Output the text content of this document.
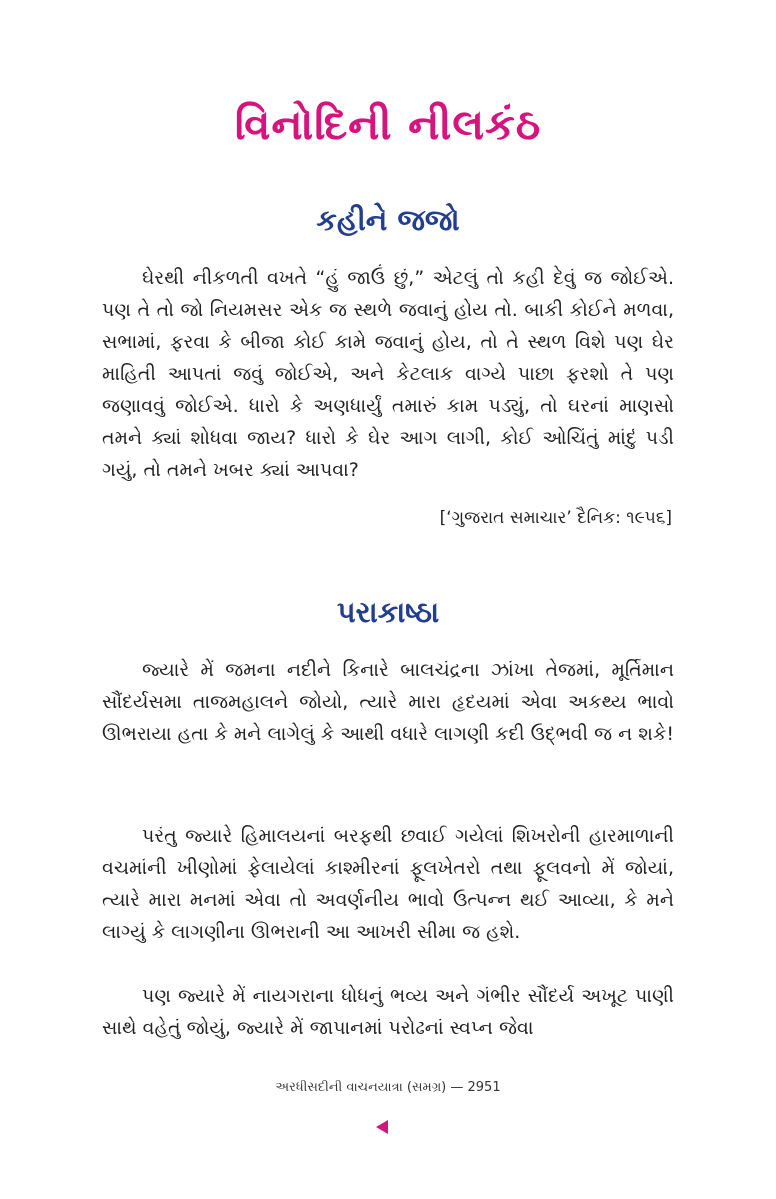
વિનોદિની નીલકંઠ
કહીને જજો

ઘેરથી નીકળતી વખતે “હું જાઉં છું,” એટલું તો કહી દેવું જ જોઈએ. પણ તે તો જો નિયમસર એક જ સ્થળે જવાનું હોય તો. બાકી કોઈને મળવા, સભામાં, ફરવા કે બીજા કોઈ કામે જવાનું હોય, તો તે સ્થળ વિશે પણ ઘેર માહિતી આપતાં જવું જોઈએ, અને કેટલાક વાગ્યે પાછા ફરશો તે પણ જણાવવું જોઈએ. ધારો કે અણધાર્યું તમારું કામ પડ્યું, તો ઘરનાં માણસો તમને ક્યાં શોધવા જાય? ધારો કે ઘેર આગ લાગી, કોઈ ઓચિંતું માંદું પડી ગયું, તો તમને ખબર ક્યાં આપવા?

[‘ગુજરાત સમાચાર’ દૈનિક: ૧૯૫૬]
પરાકાષ્ઠા

જ્યારે મેં જમના નદીને કિનારે બાલચંદ્રના ઝાંખા તેજમાં, મૂર્તિમાન સૌંદર્યસમા તાજમહાલને જોયો, ત્યારે મારા હૃદયમાં એવા અકથ્ય ભાવો ઊભરાયા હતા કે મને લાગેલું કે આથી વધારે લાગણી કદી ઉદ્ભવી જ ન શકે!

પરંતુ જ્યારે હિમાલયનાં બરફથી છવાઈ ગયેલાં શિખરોની હારમાળાની વચમાંની ખીણોમાં ફેલાયેલાં કાશ્મીરનાં ફૂલખેતરો તથા ફૂલવનો મેં જોયાં, ત્યારે મારા મનમાં એવા તો અવર્ણનીય ભાવો ઉત્પન્ન થઈ આવ્યા, કે મને લાગ્યું કે લાગણીના ઊભરાની આ આખરી સીમા જ હશે.

પણ જ્યારે મેં નાયગરાના ધોધનું ભવ્ય અને ગંભીર સૌંદર્ય અખૂટ પાણી સાથે વહેતું જોયું, જ્યારે મેં જાપાનમાં પરોઢનાં સ્વપ્ન જેવા

અરધીસદીની વાચનયાત્રા (સમગ્ર) — 2951
